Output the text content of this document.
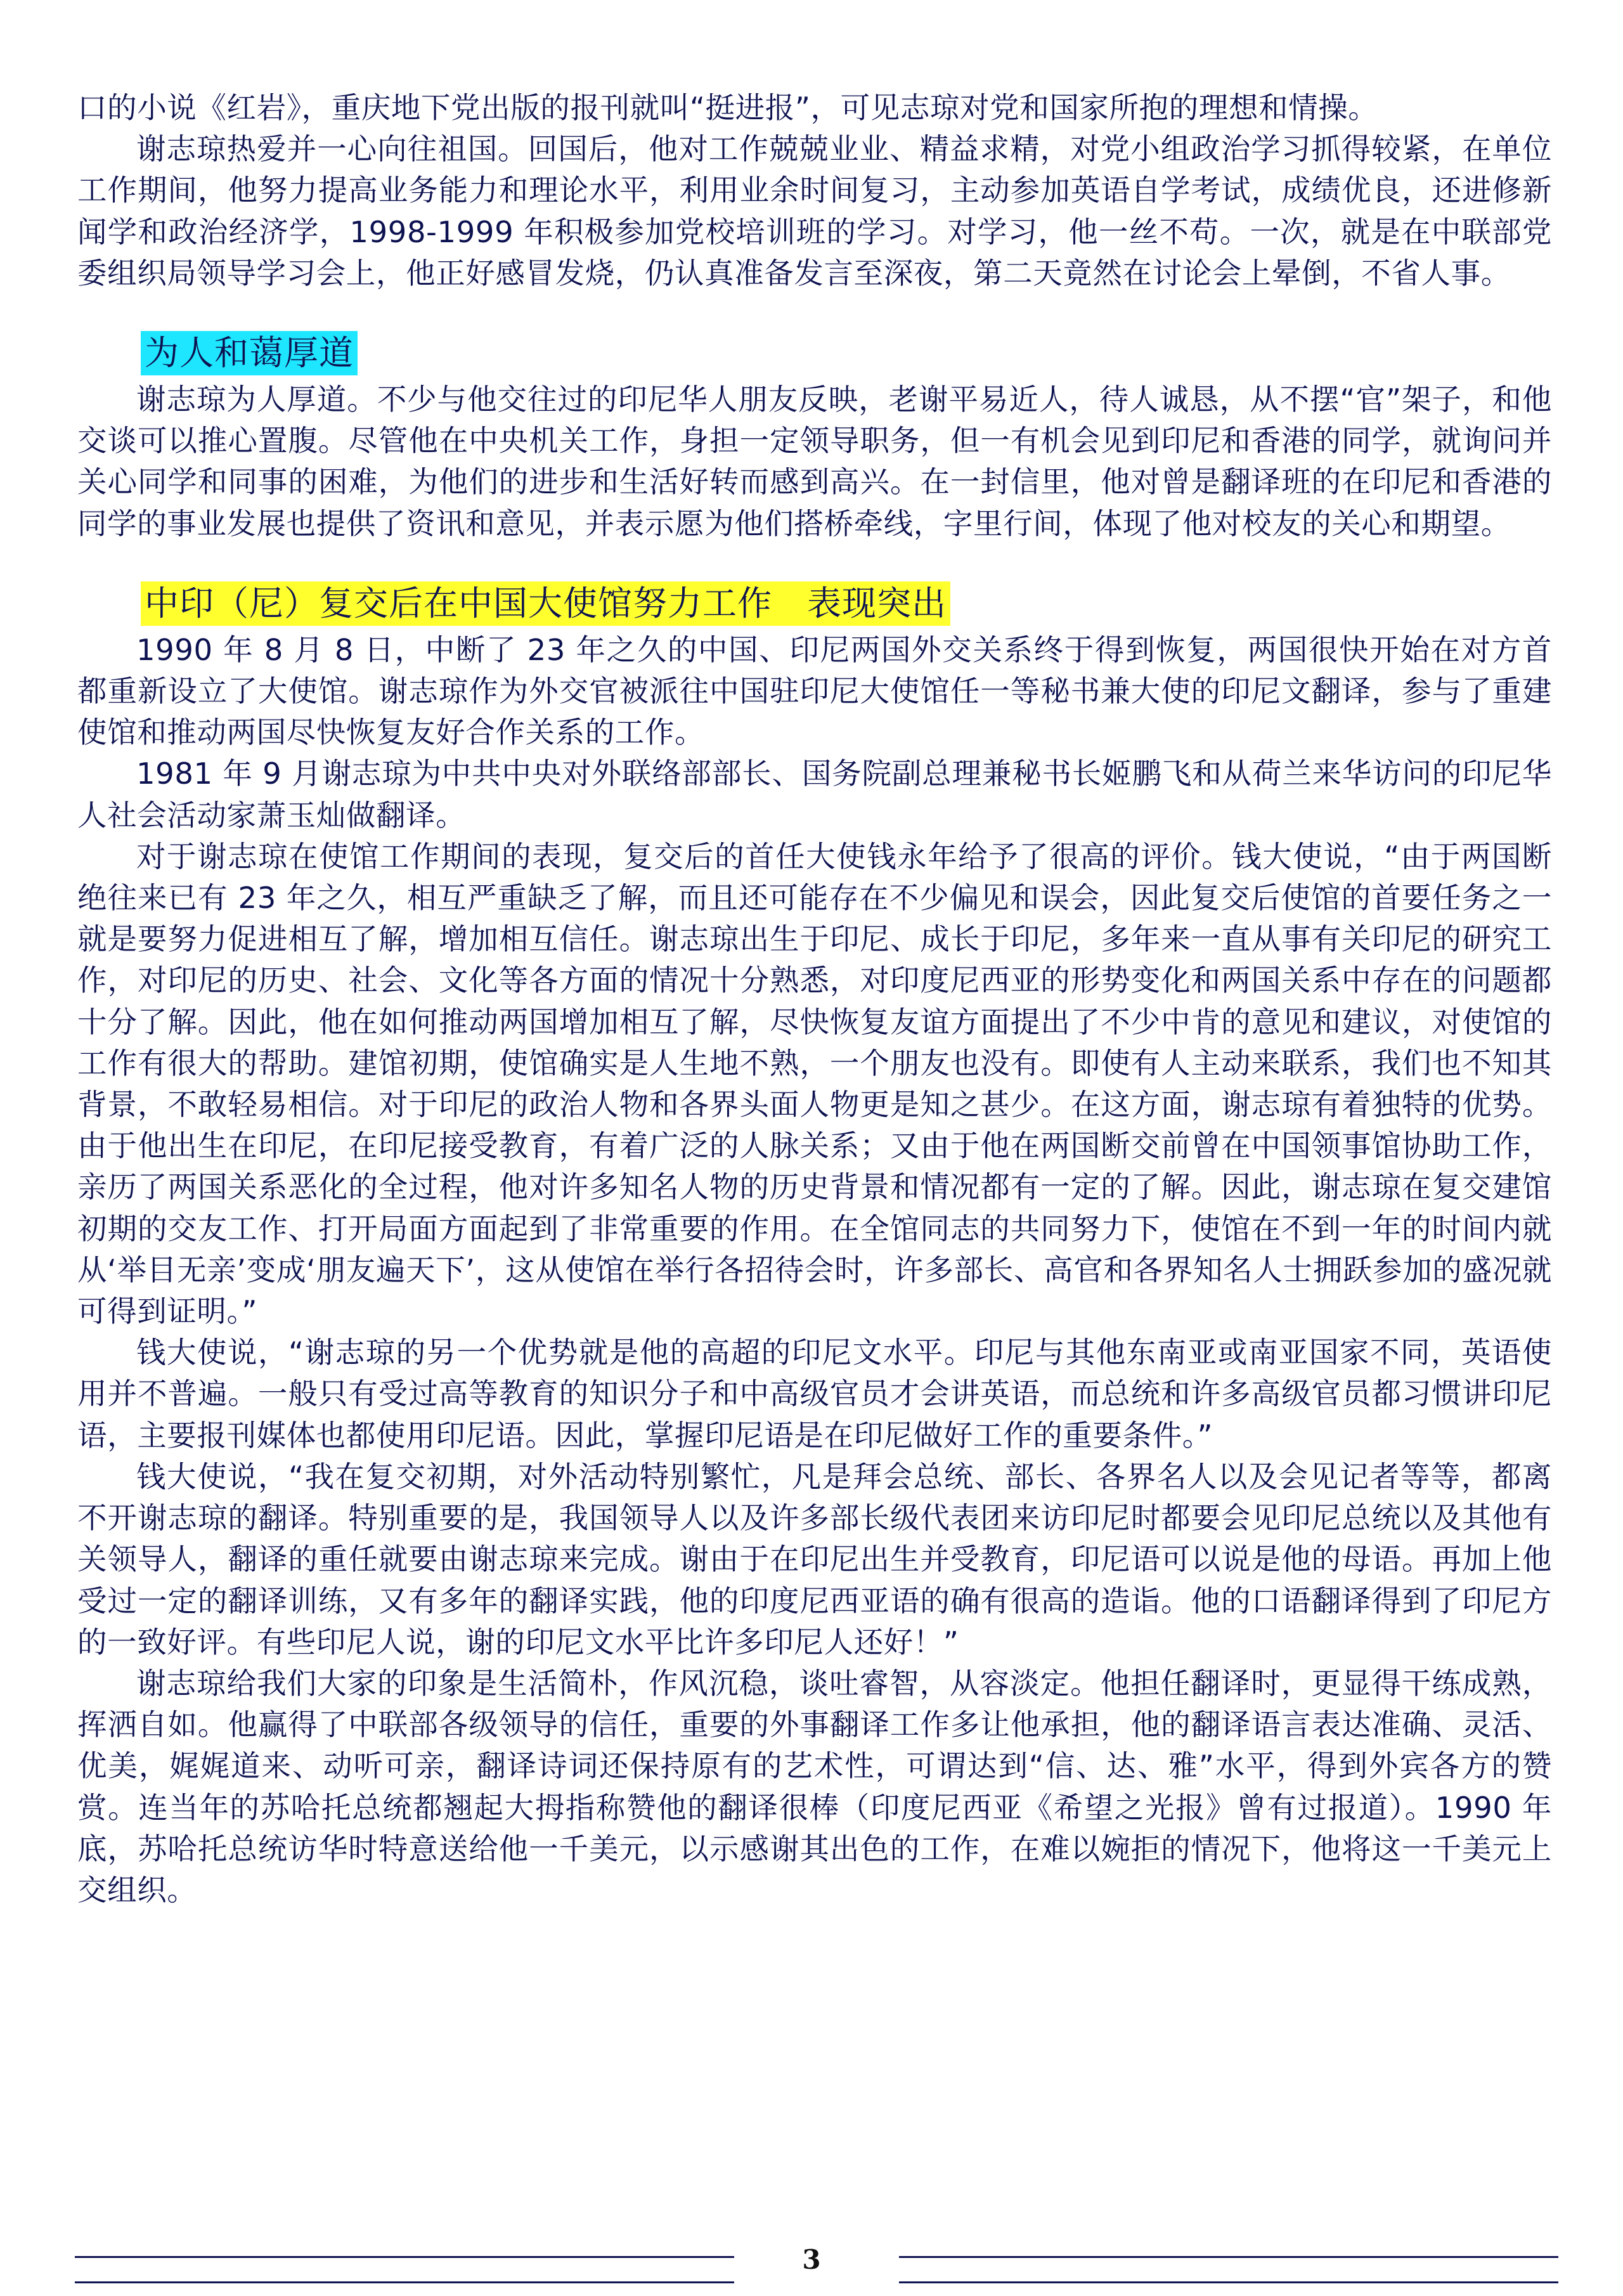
口的小说《红岩》，重庆地下党出版的报刊就叫“挺进报”，可见志琼对党和国家所抱的理想和情操。

谢志琼热爱并一心向往祖国。回国后，他对工作兢兢业业、精益求精，对党小组政治学习抓得较紧，在单位工作期间，他努力提高业务能力和理论水平，利用业余时间复习，主动参加英语自学考试，成绩优良，还进修新闻学和政治经济学，1998-1999 年积极参加党校培训班的学习。对学习，他一丝不苟。一次，就是在中联部党委组织局领导学习会上，他正好感冒发烧，仍认真准备发言至深夜，第二天竟然在讨论会上晕倒，不省人事。

为人和蔼厚道

谢志琼为人厚道。不少与他交往过的印尼华人朋友反映，老谢平易近人，待人诚恳，从不摆“官”架子，和他交谈可以推心置腹。尽管他在中央机关工作，身担一定领导职务，但一有机会见到印尼和香港的同学，就询问并关心同学和同事的困难，为他们的进步和生活好转而感到高兴。在一封信里，他对曾是翻译班的在印尼和香港的同学的事业发展也提供了资讯和意见，并表示愿为他们搭桥牵线，字里行间，体现了他对校友的关心和期望。

中印（尼）复交后在中国大使馆努力工作　表现突出

1990 年 8 月 8 日，中断了 23 年之久的中国、印尼两国外交关系终于得到恢复，两国很快开始在对方首都重新设立了大使馆。谢志琼作为外交官被派往中国驻印尼大使馆任一等秘书兼大使的印尼文翻译，参与了重建使馆和推动两国尽快恢复友好合作关系的工作。

1981 年 9 月谢志琼为中共中央对外联络部部长、国务院副总理兼秘书长姬鹏飞和从荷兰来华访问的印尼华人社会活动家萧玉灿做翻译。

对于谢志琼在使馆工作期间的表现，复交后的首任大使钱永年给予了很高的评价。钱大使说，“由于两国断绝往来已有 23 年之久，相互严重缺乏了解，而且还可能存在不少偏见和误会，因此复交后使馆的首要任务之一就是要努力促进相互了解，增加相互信任。谢志琼出生于印尼、成长于印尼，多年来一直从事有关印尼的研究工作，对印尼的历史、社会、文化等各方面的情况十分熟悉，对印度尼西亚的形势变化和两国关系中存在的问题都十分了解。因此，他在如何推动两国增加相互了解，尽快恢复友谊方面提出了不少中肯的意见和建议，对使馆的工作有很大的帮助。建馆初期，使馆确实是人生地不熟，一个朋友也没有。即使有人主动来联系，我们也不知其背景，不敢轻易相信。对于印尼的政治人物和各界头面人物更是知之甚少。在这方面，谢志琼有着独特的优势。由于他出生在印尼，在印尼接受教育，有着广泛的人脉关系；又由于他在两国断交前曾在中国领事馆协助工作，亲历了两国关系恶化的全过程，他对许多知名人物的历史背景和情况都有一定的了解。因此，谢志琼在复交建馆初期的交友工作、打开局面方面起到了非常重要的作用。在全馆同志的共同努力下，使馆在不到一年的时间内就从‘举目无亲’变成‘朋友遍天下’，这从使馆在举行各招待会时，许多部长、高官和各界知名人士拥跃参加的盛况就可得到证明。”

钱大使说，“谢志琼的另一个优势就是他的高超的印尼文水平。印尼与其他东南亚或南亚国家不同，英语使用并不普遍。一般只有受过高等教育的知识分子和中高级官员才会讲英语，而总统和许多高级官员都习惯讲印尼语，主要报刊媒体也都使用印尼语。因此，掌握印尼语是在印尼做好工作的重要条件。”

钱大使说，“我在复交初期，对外活动特别繁忙，凡是拜会总统、部长、各界名人以及会见记者等等，都离不开谢志琼的翻译。特别重要的是，我国领导人以及许多部长级代表团来访印尼时都要会见印尼总统以及其他有关领导人，翻译的重任就要由谢志琼来完成。谢由于在印尼出生并受教育，印尼语可以说是他的母语。再加上他受过一定的翻译训练，又有多年的翻译实践，他的印度尼西亚语的确有很高的造诣。他的口语翻译得到了印尼方的一致好评。有些印尼人说，谢的印尼文水平比许多印尼人还好！”

谢志琼给我们大家的印象是生活简朴，作风沉稳，谈吐睿智，从容淡定。他担任翻译时，更显得干练成熟，挥洒自如。他赢得了中联部各级领导的信任，重要的外事翻译工作多让他承担，他的翻译语言表达准确、灵活、优美，娓娓道来、动听可亲，翻译诗词还保持原有的艺术性，可谓达到“信、达、雅”水平，得到外宾各方的赞赏。连当年的苏哈托总统都翘起大拇指称赞他的翻译很棒（印度尼西亚《希望之光报》曾有过报道）。1990 年底，苏哈托总统访华时特意送给他一千美元，以示感谢其出色的工作，在难以婉拒的情况下，他将这一千美元上交组织。

3
